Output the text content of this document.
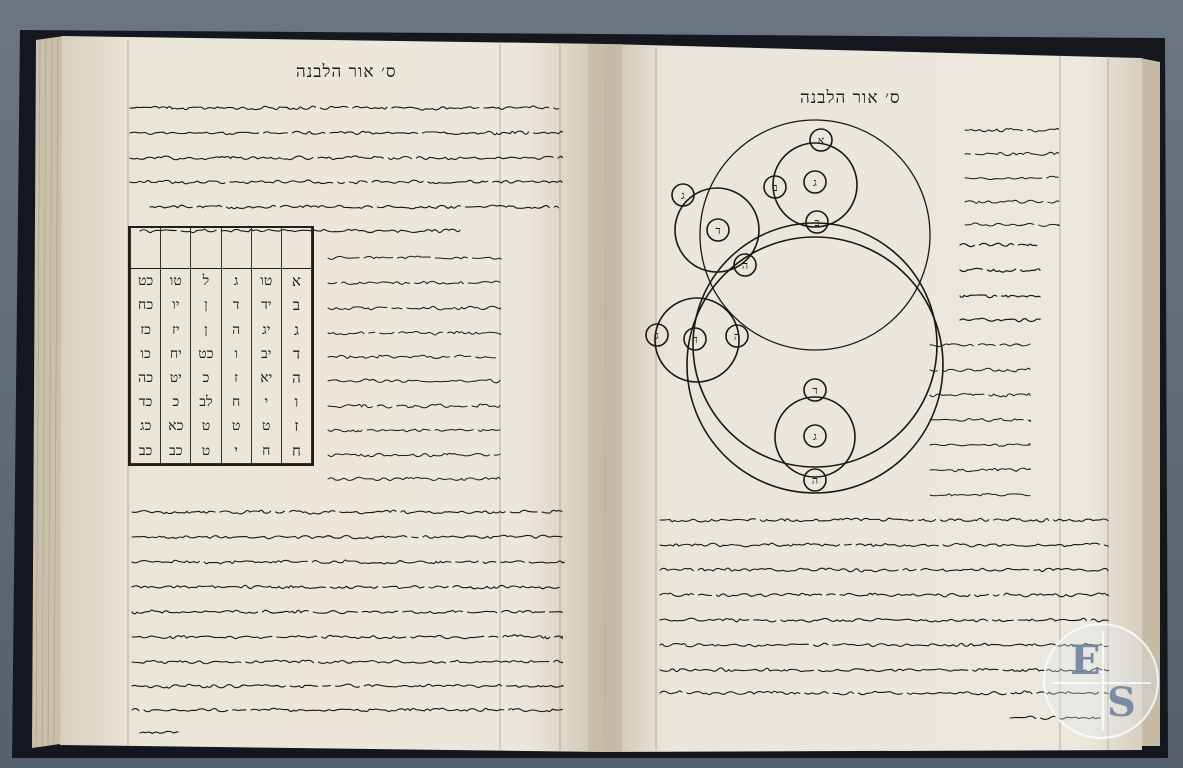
ג
ד
ה
ב	ג
א
ב
ג	ד	ה
ד
ג
ה
ס׳ אור הלבנה
ס׳ אור הלבנה

א	טו	ג	ל	טו	כט
ב	יד	ד	ן	יו	כח
ג	יג	ה	ן	יז	כז
ד	יב	ו	כט	יח	כו
ה	יא	ז	כ	יט	כה
ו	י	ח	לב	כ	כד
ז	ט	ט	ט	כא	כג
ח	ח	י	ט	כב	כב

E
S
